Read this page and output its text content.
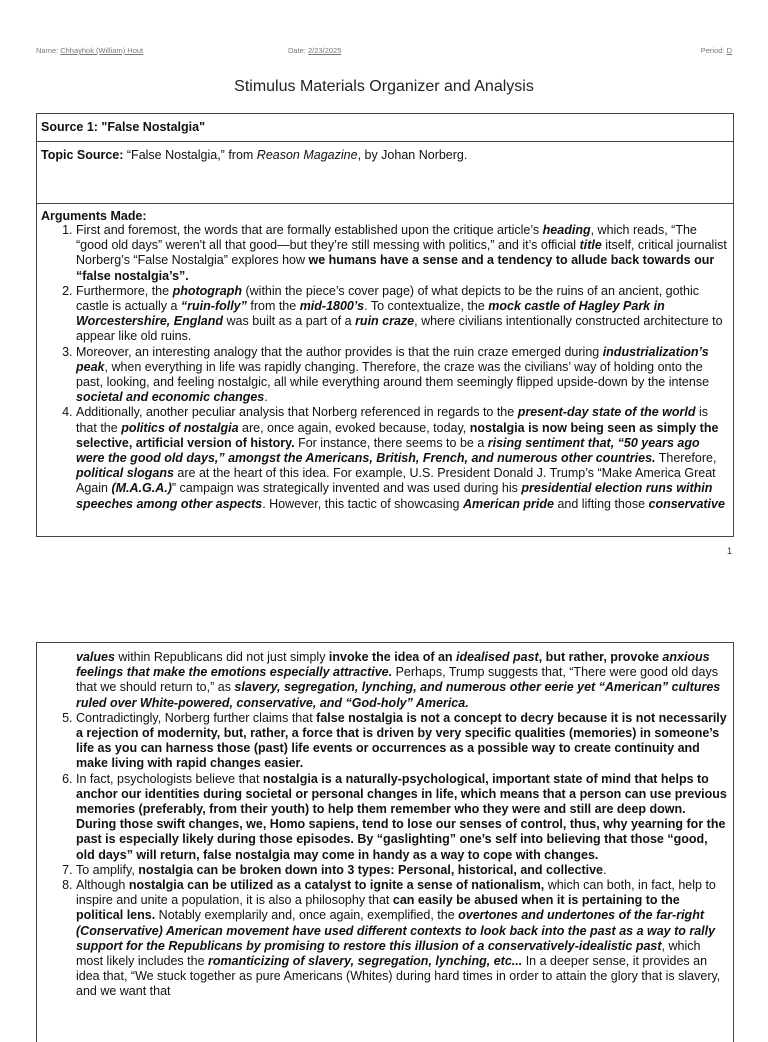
Name: Chhayhok (William) Hout	Date: 2/23/2025	Period: D
Stimulus Materials Organizer and Analysis
Source 1: "False Nostalgia"
Topic Source: “False Nostalgia,” from Reason Magazine, by Johan Norberg.
Arguments Made:
1. First and foremost, the words that are formally established upon the critique article’s heading, which reads, “The “good old days” weren't all that good—but they’re still messing with politics,” and it’s official title itself, critical journalist Norberg’s “False Nostalgia” explores how we humans have a sense and a tendency to allude back towards our “false nostalgia’s”.
2. Furthermore, the photograph (within the piece’s cover page) of what depicts to be the ruins of an ancient, gothic castle is actually a “ruin-folly” from the mid-1800’s. To contextualize, the mock castle of Hagley Park in Worcestershire, England was built as a part of a ruin craze, where civilians intentionally constructed architecture to appear like old ruins.
3. Moreover, an interesting analogy that the author provides is that the ruin craze emerged during industrialization’s peak, when everything in life was rapidly changing. Therefore, the craze was the civilians’ way of holding onto the past, looking, and feeling nostalgic, all while everything around them seemingly flipped upside-down by the intense societal and economic changes.
4. Additionally, another peculiar analysis that Norberg referenced in regards to the present-day state of the world is that the politics of nostalgia are, once again, evoked because, today, nostalgia is now being seen as simply the selective, artificial version of history. For instance, there seems to be a rising sentiment that, “50 years ago were the good old days,” amongst the Americans, British, French, and numerous other countries. Therefore, political slogans are at the heart of this idea. For example, U.S. President Donald J. Trump’s “Make America Great Again (M.A.G.A.)” campaign was strategically invented and was used during his presidential election runs within speeches among other aspects. However, this tactic of showcasing American pride and lifting those conservative
1
values within Republicans did not just simply invoke the idea of an idealised past, but rather, provoke anxious feelings that make the emotions especially attractive. Perhaps, Trump suggests that, “There were good old days that we should return to,” as slavery, segregation, lynching, and numerous other eerie yet “American” cultures ruled over White-powered, conservative, and “God-holy” America.
5. Contradictingly, Norberg further claims that false nostalgia is not a concept to decry because it is not necessarily a rejection of modernity, but, rather, a force that is driven by very specific qualities (memories) in someone’s life as you can harness those (past) life events or occurrences as a possible way to create continuity and make living with rapid changes easier.
6. In fact, psychologists believe that nostalgia is a naturally-psychological, important state of mind that helps to anchor our identities during societal or personal changes in life, which means that a person can use previous memories (preferably, from their youth) to help them remember who they were and still are deep down. During those swift changes, we, Homo sapiens, tend to lose our senses of control, thus, why yearning for the past is especially likely during those episodes. By “gaslighting” one’s self into believing that those “good, old days” will return, false nostalgia may come in handy as a way to cope with changes.
7. To amplify, nostalgia can be broken down into 3 types: Personal, historical, and collective.
8. Although nostalgia can be utilized as a catalyst to ignite a sense of nationalism, which can both, in fact, help to inspire and unite a population, it is also a philosophy that can easily be abused when it is pertaining to the political lens. Notably exemplarily and, once again, exemplified, the overtones and undertones of the far-right (Conservative) American movement have used different contexts to look back into the past as a way to rally support for the Republicans by promising to restore this illusion of a conservatively-idealistic past, which most likely includes the romanticizing of slavery, segregation, lynching, etc... In a deeper sense, it provides an idea that, “We stuck together as pure Americans (Whites) during hard times in order to attain the glory that is slavery, and we want that
